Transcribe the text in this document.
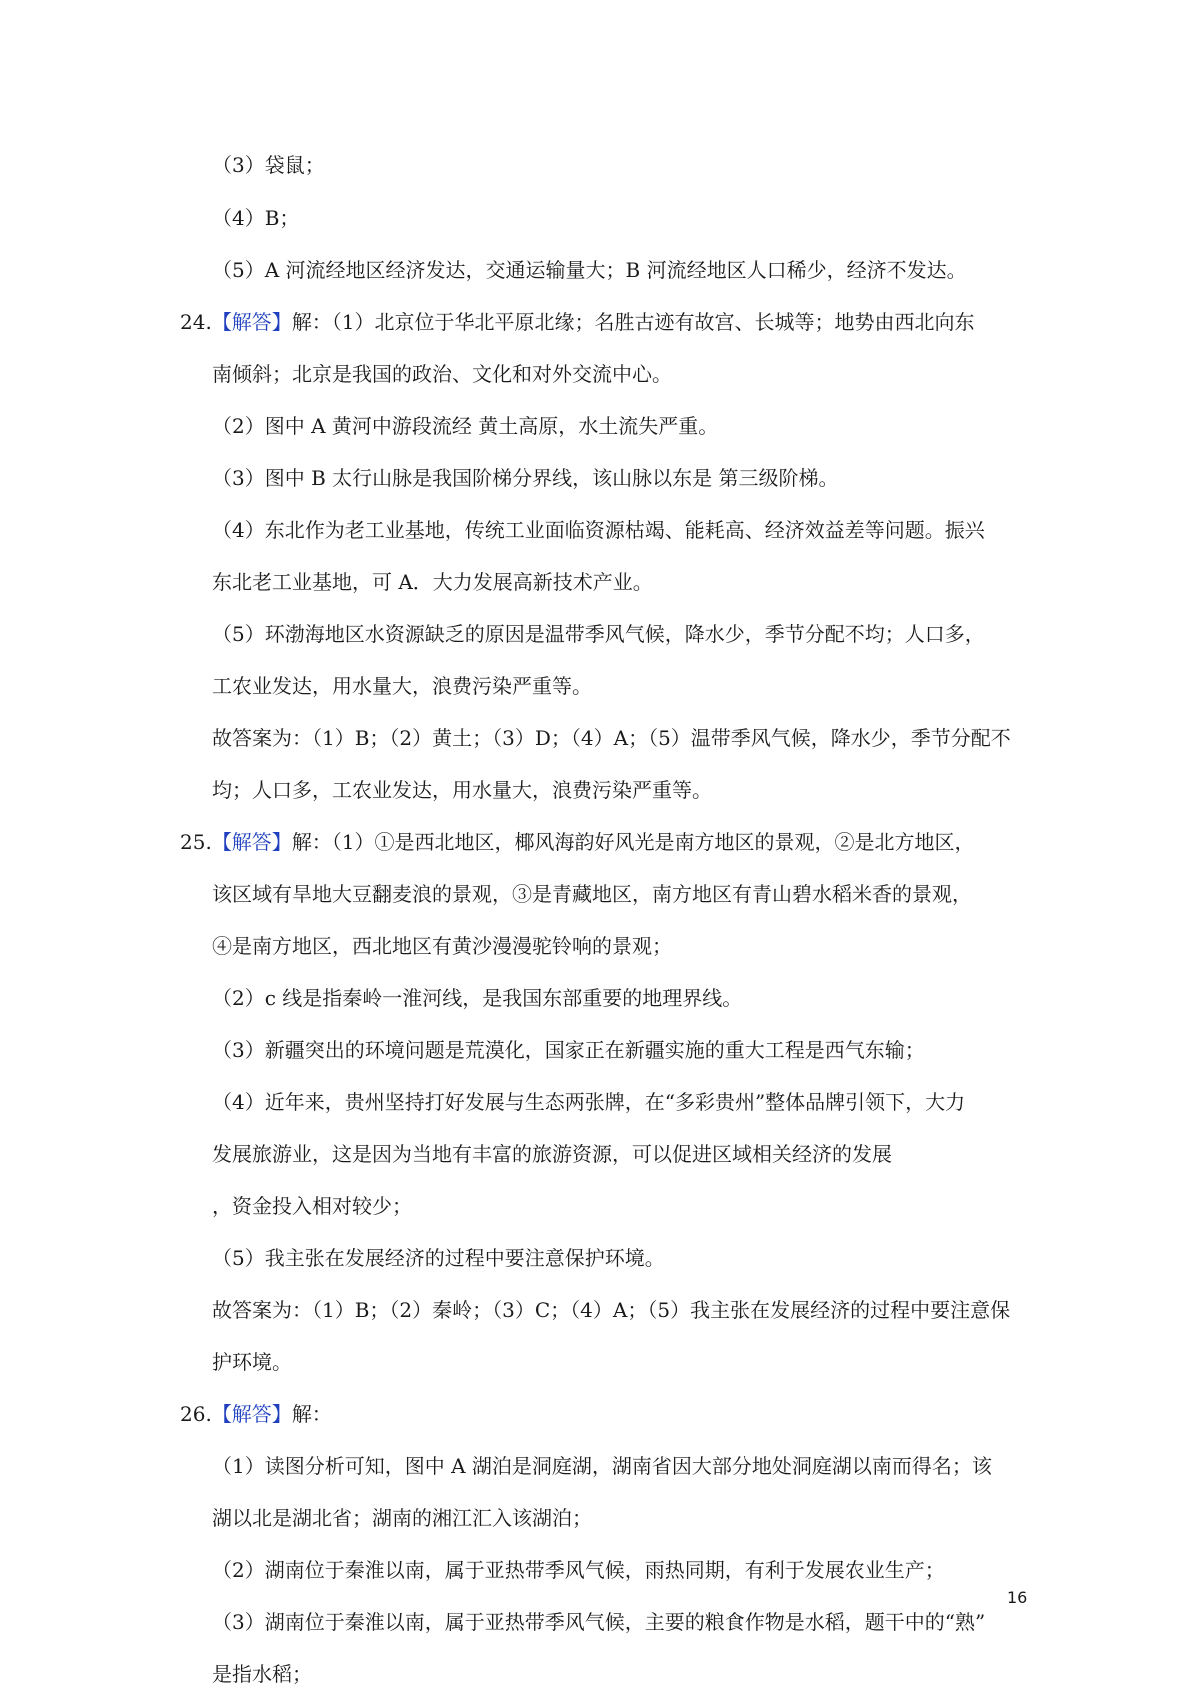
（3）袋鼠；
（4）B；
（5）A 河流经地区经济发达，交通运输量大；B 河流经地区人口稀少，经济不发达。
24.【解答】解：（1）北京位于华北平原北缘；名胜古迹有故宫、长城等；地势由西北向东
南倾斜；北京是我国的政治、文化和对外交流中心。
（2）图中 A 黄河中游段流经 黄土高原，水土流失严重。
（3）图中 B 太行山脉是我国阶梯分界线，该山脉以东是 第三级阶梯。
（4）东北作为老工业基地，传统工业面临资源枯竭、能耗高、经济效益差等问题。振兴
东北老工业基地，可 A．大力发展高新技术产业。
（5）环渤海地区水资源缺乏的原因是温带季风气候，降水少，季节分配不均；人口多，
工农业发达，用水量大，浪费污染严重等。
故答案为：（1）B；（2）黄土；（3）D；（4）A；（5）温带季风气候，降水少，季节分配不
均；人口多，工农业发达，用水量大，浪费污染严重等。
25.【解答】解：（1）①是西北地区，椰风海韵好风光是南方地区的景观，②是北方地区，
该区域有旱地大豆翻麦浪的景观，③是青藏地区，南方地区有青山碧水稻米香的景观，
④是南方地区，西北地区有黄沙漫漫驼铃响的景观；
（2）c 线是指秦岭一淮河线，是我国东部重要的地理界线。
（3）新疆突出的环境问题是荒漠化，国家正在新疆实施的重大工程是西气东输；
（4）近年来，贵州坚持打好发展与生态两张牌，在“多彩贵州”整体品牌引领下，大力
发展旅游业，这是因为当地有丰富的旅游资源，可以促进区域相关经济的发展
，资金投入相对较少；
（5）我主张在发展经济的过程中要注意保护环境。
故答案为：（1）B；（2）秦岭；（3）C；（4）A；（5）我主张在发展经济的过程中要注意保
护环境。
26.【解答】解：
（1）读图分析可知，图中 A 湖泊是洞庭湖，湖南省因大部分地处洞庭湖以南而得名；该
湖以北是湖北省；湖南的湘江汇入该湖泊；
（2）湖南位于秦淮以南，属于亚热带季风气候，雨热同期，有利于发展农业生产；
（3）湖南位于秦淮以南，属于亚热带季风气候，主要的粮食作物是水稻，题干中的“熟”
是指水稻；
16
